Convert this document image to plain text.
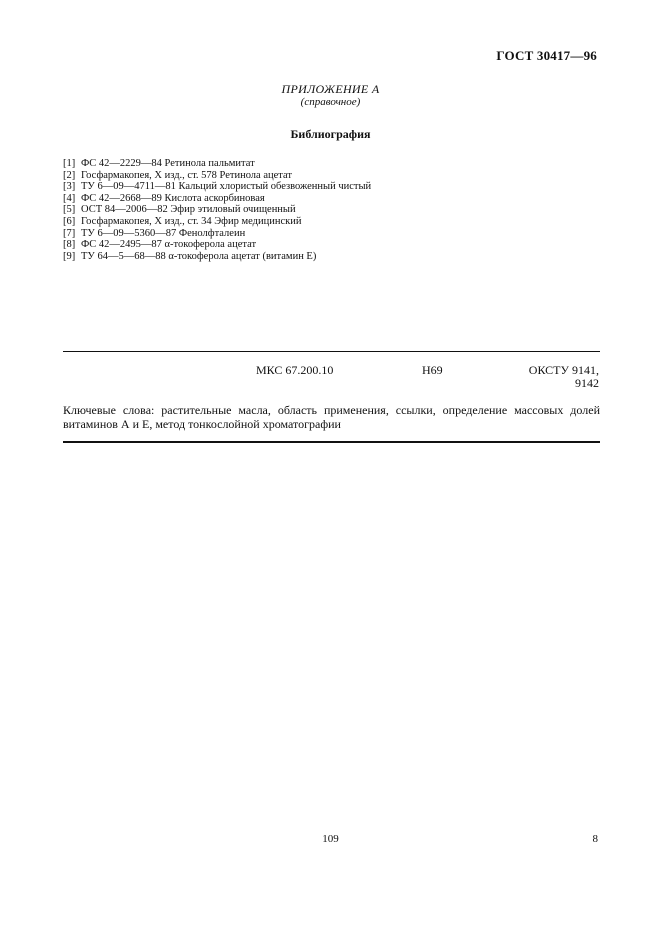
ГОСТ 30417—96
ПРИЛОЖЕНИЕ А
(справочное)
Библиография
[1] ФС 42—2229—84 Ретинола пальмитат
[2] Госфармакопея, X изд., ст. 578 Ретинола ацетат
[3] ТУ 6—09—4711—81 Кальций хлористый обезвоженный чистый
[4] ФС 42—2668—89 Кислота аскорбиновая
[5] ОСТ 84—2006—82 Эфир этиловый очищенный
[6] Госфармакопея, X изд., ст. 34 Эфир медицинский
[7] ТУ 6—09—5360—87 Фенолфталеин
[8] ФС 42—2495—87 α-токоферола ацетат
[9] ТУ 64—5—68—88 α-токоферола ацетат (витамин Е)
МКС 67.200.10	Н69	ОКСТУ 9141,
9142
Ключевые слова: растительные масла, область применения, ссылки, определение массовых долей витаминов А и Е, метод тонкослойной хроматографии
109	8
